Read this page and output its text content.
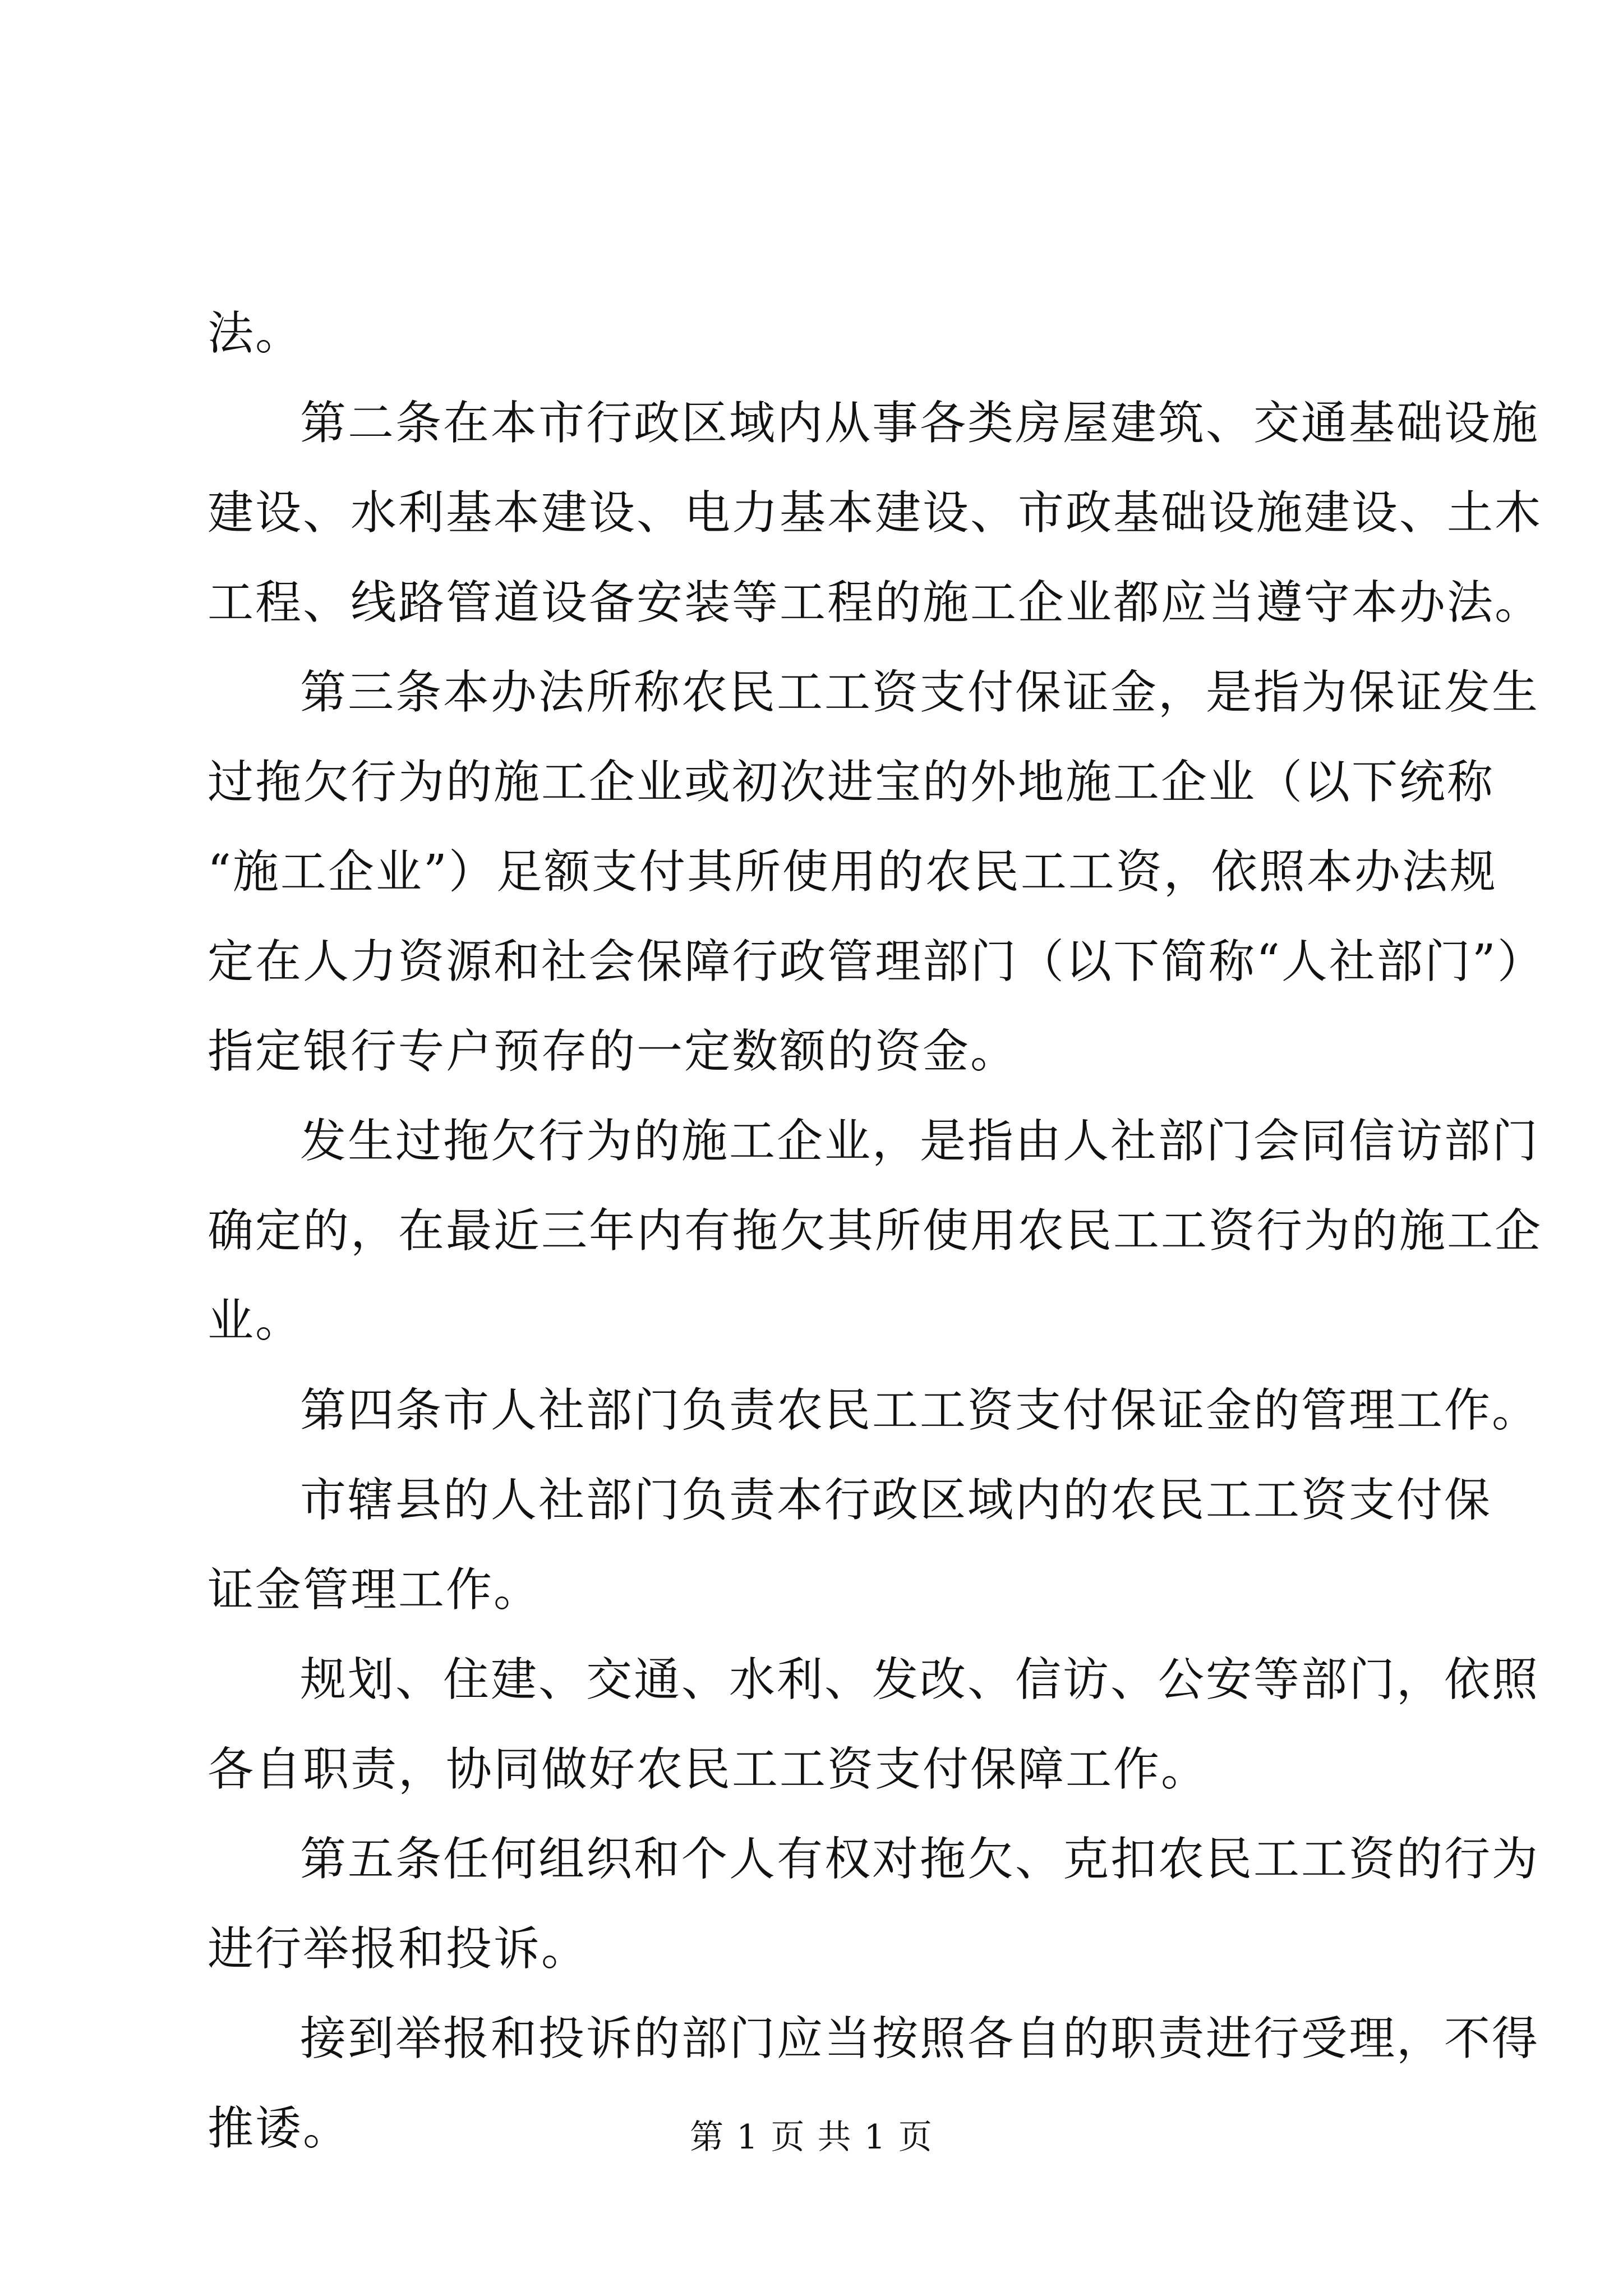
法。
第二条在本市行政区域内从事各类房屋建筑、交通基础设施
建设、水利基本建设、电力基本建设、市政基础设施建设、土木
工程、线路管道设备安装等工程的施工企业都应当遵守本办法。
第三条本办法所称农民工工资支付保证金，是指为保证发生
过拖欠行为的施工企业或初次进宝的外地施工企业（以下统称
“施工企业”）足额支付其所使用的农民工工资，依照本办法规
定在人力资源和社会保障行政管理部门（以下简称“人社部门”）
指定银行专户预存的一定数额的资金。
发生过拖欠行为的施工企业，是指由人社部门会同信访部门
确定的，在最近三年内有拖欠其所使用农民工工资行为的施工企
业。
第四条市人社部门负责农民工工资支付保证金的管理工作。
市辖县的人社部门负责本行政区域内的农民工工资支付保
证金管理工作。
规划、住建、交通、水利、发改、信访、公安等部门，依照
各自职责，协同做好农民工工资支付保障工作。
第五条任何组织和个人有权对拖欠、克扣农民工工资的行为
进行举报和投诉。
接到举报和投诉的部门应当按照各自的职责进行受理，不得
推诿。	第 1 页 共 1 页
